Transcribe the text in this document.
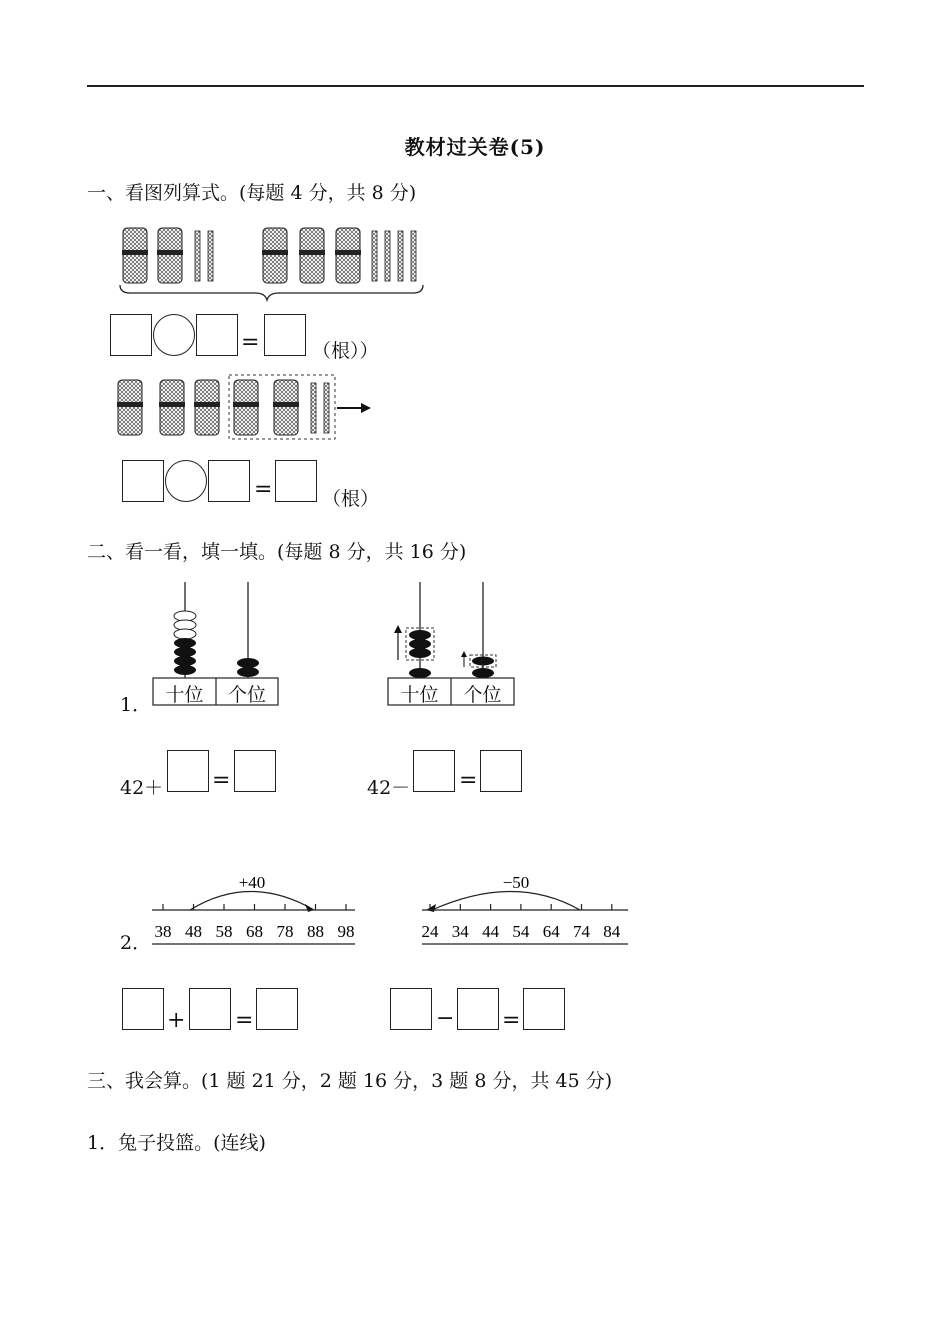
教材过关卷(5)
一、看图列算式。(每题 4 分，共 8 分)
=	（根））
=	（根）
二、看一看，填一填。(每题 8 分，共 16 分)
1． 十位	个位	十位	个位
42＋ =	42－ =
2．
+40
38 48 58 68 78 88 98
−50
24 34 44 54 64 74 84
+ =	− =
三、我会算。(1 题 21 分，2 题 16 分，3 题 8 分，共 45 分)
1．兔子投篮。(连线)
